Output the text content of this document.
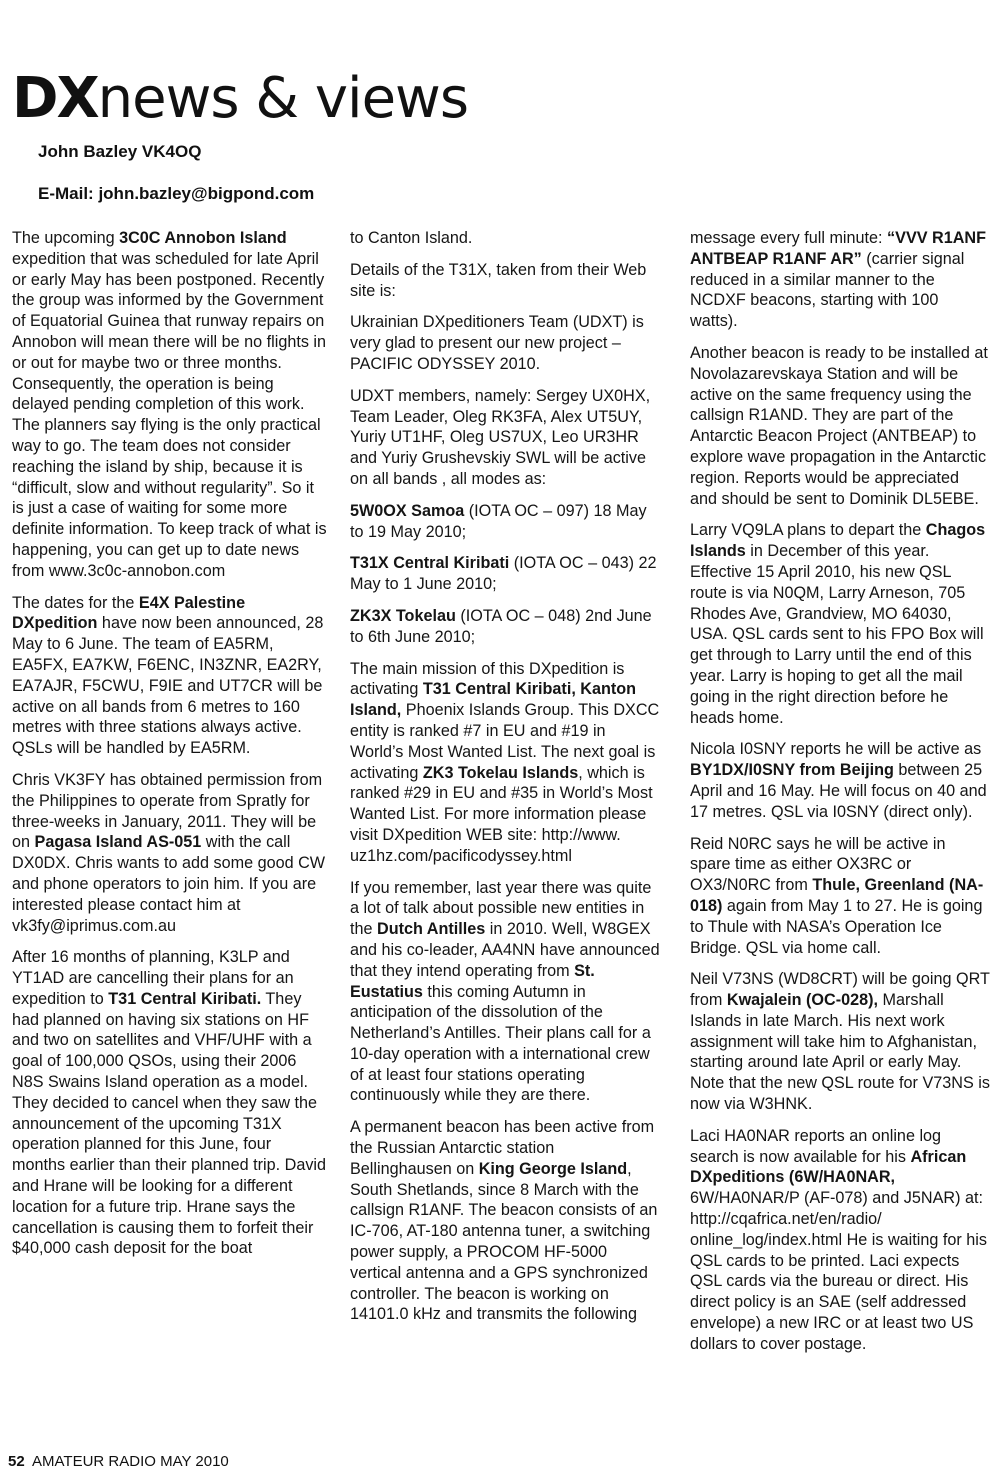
DXnews & views
John Bazley VK4OQ
E-Mail: john.bazley@bigpond.com

The upcoming 3C0C Annobon Island expedition that was scheduled for late April or early May has been postponed. Recently the group was informed by the Government of Equatorial Guinea that runway repairs on Annobon will mean there will be no flights in or out for maybe two or three months. Consequently, the operation is being delayed pending completion of this work. The planners say flying is the only practical way to go. The team does not consider reaching the island by ship, because it is “difficult, slow and without regularity”. So it is just a case of waiting for some more definite information. To keep track of what is happening, you can get up to date news from www.3c0c-annobon.com

The dates for the E4X Palestine DXpedition have now been announced, 28 May to 6 June. The team of EA5RM, EA5FX, EA7KW, F6ENC, IN3ZNR, EA2RY, EA7AJR, F5CWU, F9IE and UT7CR will be active on all bands from 6 metres to 160 metres with three stations always active. QSLs will be handled by EA5RM.

Chris VK3FY has obtained permission from the Philippines to operate from Spratly for three-weeks in January, 2011. They will be on Pagasa Island AS-051 with the call DX0DX. Chris wants to add some good CW and phone operators to join him. If you are interested please contact him at vk3fy@iprimus.com.au

After 16 months of planning, K3LP and YT1AD are cancelling their plans for an expedition to T31 Central Kiribati. They had planned on having six stations on HF and two on satellites and VHF/UHF with a goal of 100,000 QSOs, using their 2006 N8S Swains Island operation as a model. They decided to cancel when they saw the announcement of the upcoming T31X operation planned for this June, four months earlier than their planned trip. David and Hrane will be looking for a different location for a future trip. Hrane says the cancellation is causing them to forfeit their $40,000 cash deposit for the boat

to Canton Island.

Details of the T31X, taken from their Web site is:

Ukrainian DXpeditioners Team (UDXT) is very glad to present our new project – PACIFIC ODYSSEY 2010.

UDXT members, namely: Sergey UX0HX, Team Leader, Oleg RK3FA, Alex UT5UY, Yuriy UT1HF, Oleg US7UX, Leo UR3HR and Yuriy Grushevskiy SWL will be active on all bands , all modes as:

5W0OX Samoa (IOTA OC – 097) 18 May to 19 May 2010;

T31X Central Kiribati (IOTA OC – 043) 22 May to 1 June 2010;

ZK3X Tokelau (IOTA OC – 048) 2nd June to 6th June 2010;

The main mission of this DXpedition is activating T31 Central Kiribati, Kanton Island, Phoenix Islands Group. This DXCC entity is ranked #7 in EU and #19 in World’s Most Wanted List. The next goal is activating ZK3 Tokelau Islands, which is ranked #29 in EU and #35 in World’s Most Wanted List. For more information please visit DXpedition WEB site: http://www. uz1hz.com/pacificodyssey.html

If you remember, last year there was quite a lot of talk about possible new entities in the Dutch Antilles in 2010. Well, W8GEX and his co-leader, AA4NN have announced that they intend operating from St. Eustatius this coming Autumn in anticipation of the dissolution of the Netherland’s Antilles. Their plans call for a 10-day operation with a international crew of at least four stations operating continuously while they are there.

A permanent beacon has been active from the Russian Antarctic station Bellinghausen on King George Island, South Shetlands, since 8 March with the callsign R1ANF. The beacon consists of an IC-706, AT-180 antenna tuner, a switching power supply, a PROCOM HF-5000 vertical antenna and a GPS synchronized controller. The beacon is working on 14101.0 kHz and transmits the following

message every full minute: “VVV R1ANF ANTBEAP R1ANF AR” (carrier signal reduced in a similar manner to the NCDXF beacons, starting with 100 watts).

Another beacon is ready to be installed at Novolazarevskaya Station and will be active on the same frequency using the callsign R1AND. They are part of the Antarctic Beacon Project (ANTBEAP) to explore wave propagation in the Antarctic region. Reports would be appreciated and should be sent to Dominik DL5EBE.

Larry VQ9LA plans to depart the Chagos Islands in December of this year. Effective 15 April 2010, his new QSL route is via N0QM, Larry Arneson, 705 Rhodes Ave, Grandview, MO 64030, USA. QSL cards sent to his FPO Box will get through to Larry until the end of this year. Larry is hoping to get all the mail going in the right direction before he heads home.

Nicola I0SNY reports he will be active as BY1DX/I0SNY from Beijing between 25 April and 16 May. He will focus on 40 and 17 metres. QSL via I0SNY (direct only).

Reid N0RC says he will be active in spare time as either OX3RC or OX3/N0RC from Thule, Greenland (NA-018) again from May 1 to 27. He is going to Thule with NASA’s Operation Ice Bridge. QSL via home call.

Neil V73NS (WD8CRT) will be going QRT from Kwajalein (OC-028), Marshall Islands in late March. His next work assignment will take him to Afghanistan, starting around late April or early May. Note that the new QSL route for V73NS is now via W3HNK.

Laci HA0NAR reports an online log search is now available for his African DXpeditions (6W/HA0NAR, 6W/HA0NAR/P (AF-078) and J5NAR) at: http://cqafrica.net/en/radio/ online_log/index.html He is waiting for his QSL cards to be printed. Laci expects QSL cards via the bureau or direct. His direct policy is an SAE (self addressed envelope) a new IRC or at least two US dollars to cover postage.

52 AMATEUR RADIO MAY 2010
